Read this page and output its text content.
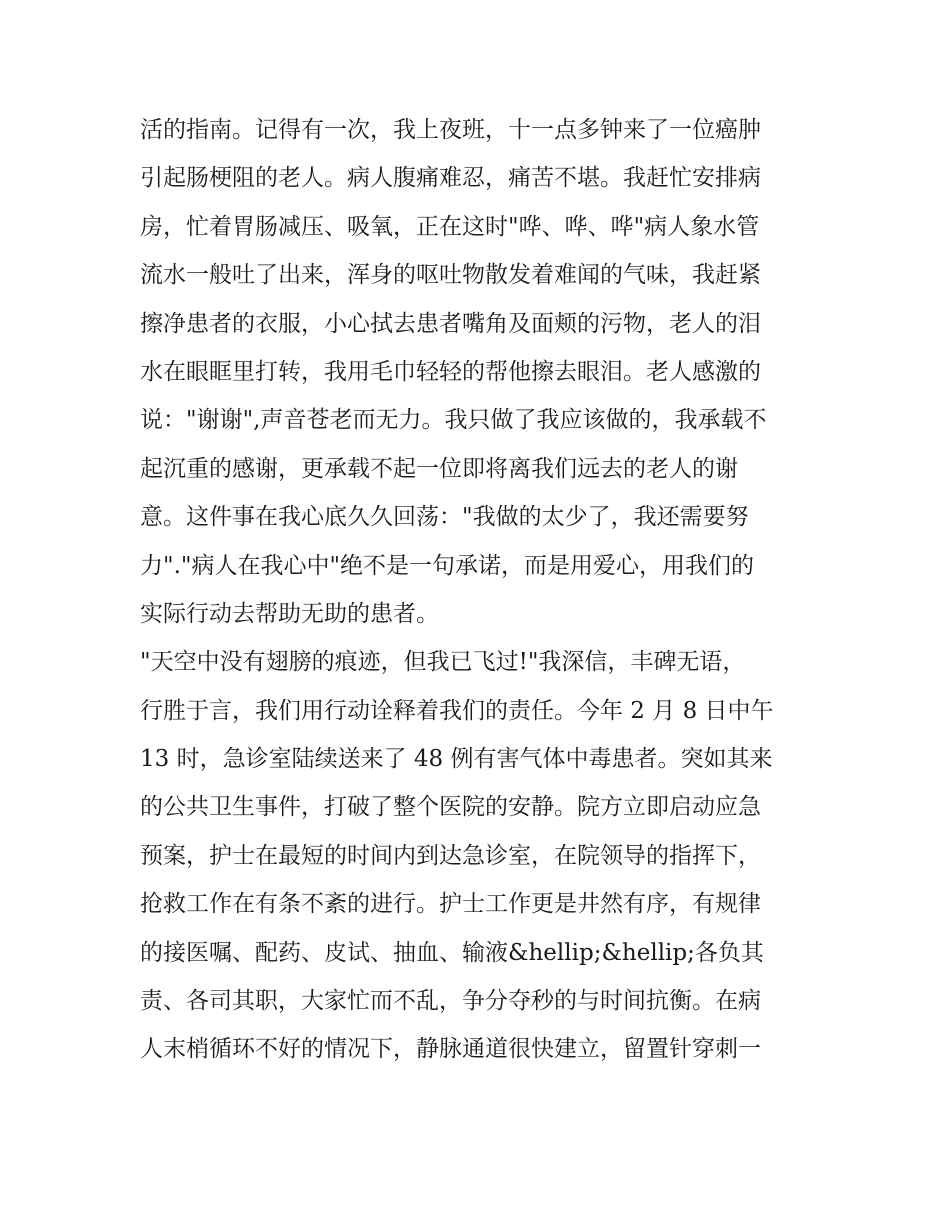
活的指南。记得有一次，我上夜班，十一点多钟来了一位癌肿
引起肠梗阻的老人。病人腹痛难忍，痛苦不堪。我赶忙安排病
房，忙着胃肠减压、吸氧，正在这时"哗、哗、哗"病人象水管
流水一般吐了出来，浑身的呕吐物散发着难闻的气味，我赶紧
擦净患者的衣服，小心拭去患者嘴角及面颊的污物，老人的泪
水在眼眶里打转，我用毛巾轻轻的帮他擦去眼泪。老人感激的
说："谢谢",声音苍老而无力。我只做了我应该做的，我承载不
起沉重的感谢，更承载不起一位即将离我们远去的老人的谢
意。这件事在我心底久久回荡："我做的太少了，我还需要努
力"."病人在我心中"绝不是一句承诺，而是用爱心，用我们的
实际行动去帮助无助的患者。
"天空中没有翅膀的痕迹，但我已飞过!"我深信，丰碑无语，
行胜于言，我们用行动诠释着我们的责任。今年 2 月 8 日中午
13 时，急诊室陆续送来了 48 例有害气体中毒患者。突如其来
的公共卫生事件，打破了整个医院的安静。院方立即启动应急
预案，护士在最短的时间内到达急诊室，在院领导的指挥下，
抢救工作在有条不紊的进行。护士工作更是井然有序，有规律
的接医嘱、配药、皮试、抽血、输液&hellip;&hellip;各负其
责、各司其职，大家忙而不乱，争分夺秒的与时间抗衡。在病
人末梢循环不好的情况下，静脉通道很快建立，留置针穿刺一
